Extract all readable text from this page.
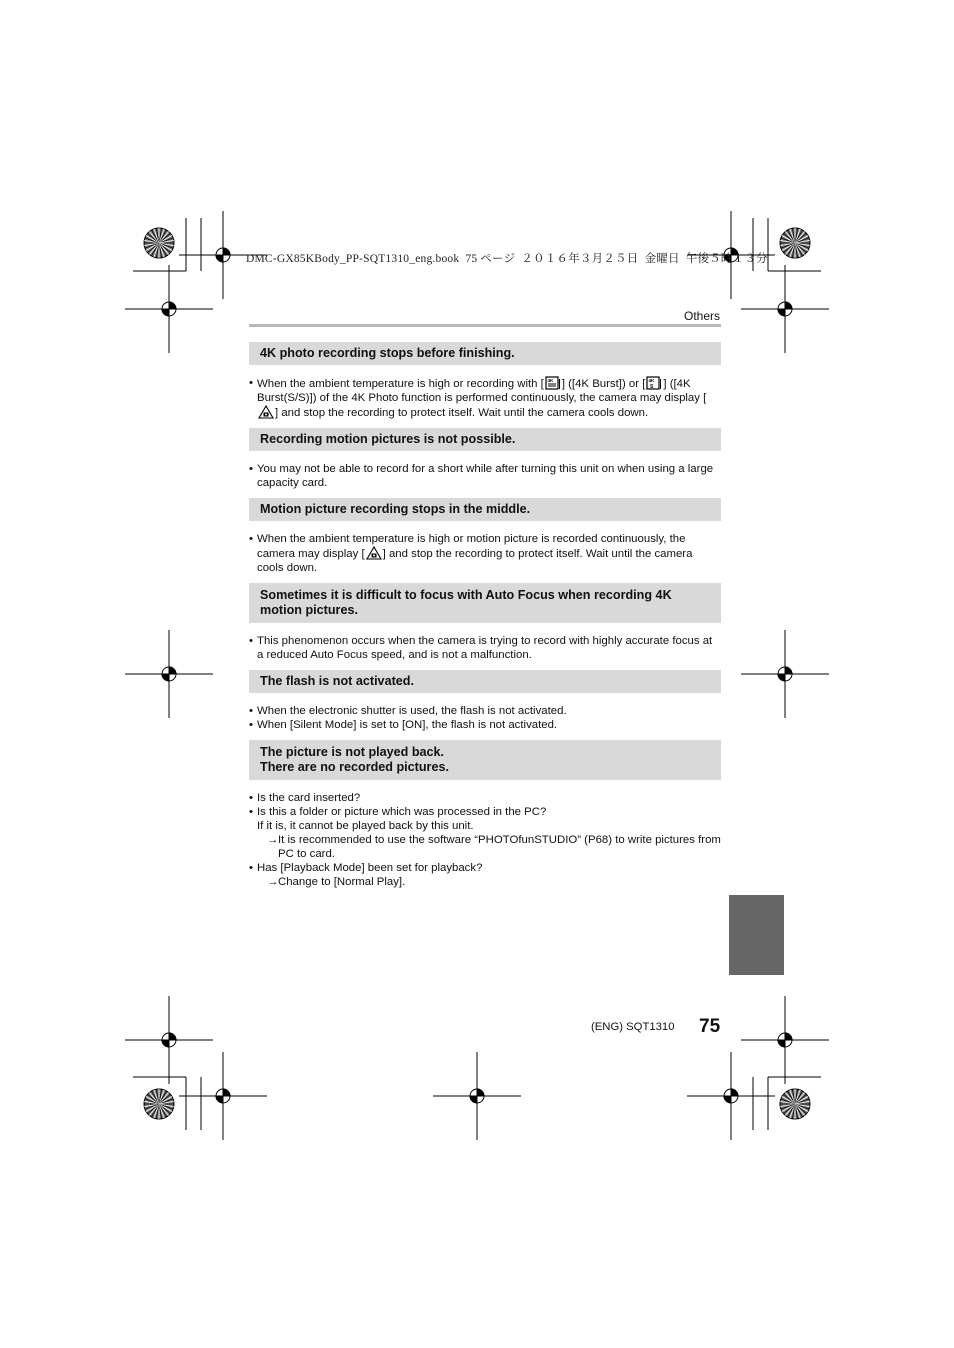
DMC-GX85KBody_PP-SQT1310_eng.book  75 ページ  ２０１６年３月２５日  金曜日  午後５時１３分
Others
4K photo recording stops before finishing.
• When the ambient temperature is high or recording with [ 4K ] ([4K Burst]) or [ 4K
S ] ([4K Burst(S/S)]) of the 4K Photo function is performed continuously, the camera may display [] and stop the recording to protect itself. Wait until the camera cools down.
Recording motion pictures is not possible.
• You may not be able to record for a short while after turning this unit on when using a large capacity card.
Motion picture recording stops in the middle.
• When the ambient temperature is high or motion picture is recorded continuously, the camera may display [ ] and stop the recording to protect itself. Wait until the camera cools down.
Sometimes it is difficult to focus with Auto Focus when recording 4K motion pictures.
• This phenomenon occurs when the camera is trying to record with highly accurate focus at a reduced Auto Focus speed, and is not a malfunction.
The flash is not activated.
• When the electronic shutter is used, the flash is not activated.
• When [Silent Mode] is set to [ON], the flash is not activated.
The picture is not played back.
There are no recorded pictures.
• Is the card inserted?
• Is this a folder or picture which was processed in the PC?
If it is, it cannot be played back by this unit.
→ It is recommended to use the software “PHOTOfunSTUDIO” (P68) to write pictures from PC to card.
• Has [Playback Mode] been set for playback?
→ Change to [Normal Play].
(ENG) SQT1310 75
